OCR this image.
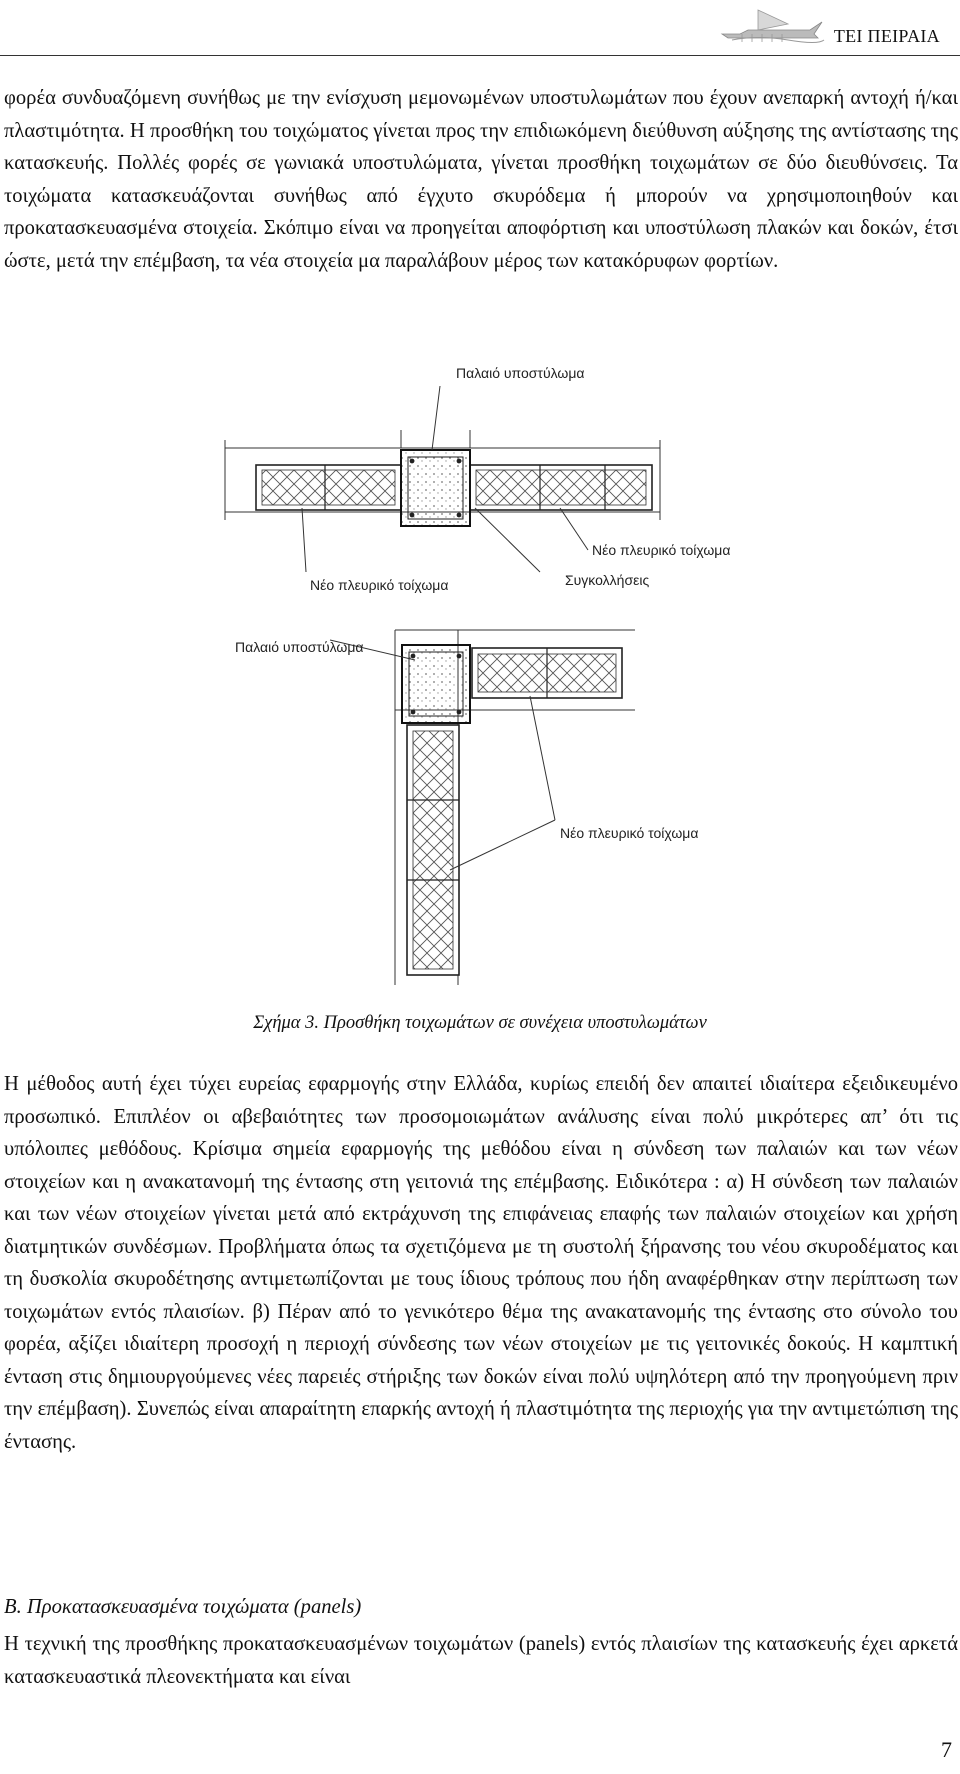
ΤΕΙ ΠΕΙΡΑΙΑ
φορέα συνδυαζόμενη συνήθως με την ενίσχυση μεμονωμένων υποστυλωμάτων που έχουν ανεπαρκή αντοχή ή/και πλαστιμότητα. Η προσθήκη του τοιχώματος γίνεται προς την επιδιωκόμενη διεύθυνση αύξησης της αντίστασης της κατασκευής. Πολλές φορές σε γωνιακά υποστυλώματα, γίνεται προσθήκη τοιχωμάτων σε δύο διευθύνσεις. Τα τοιχώματα κατασκευάζονται συνήθως από έγχυτο σκυρόδεμα ή μπορούν να χρησιμοποιηθούν και προκατασκευασμένα στοιχεία. Σκόπιμο είναι να προηγείται αποφόρτιση και υποστύλωση πλακών και δοκών, έτσι ώστε, μετά την επέμβαση, τα νέα στοιχεία μα παραλάβουν μέρος των κατακόρυφων φορτίων.
Παλαιό υποστύλωμα
Νέο πλευρικό τοίχωμα
Νέο πλευρικό τοίχωμα	Συγκολλήσεις
Παλαιό υποστύλωμα
Νέο πλευρικό τοίχωμα
Σχήμα 3. Προσθήκη τοιχωμάτων σε συνέχεια υποστυλωμάτων
Η μέθοδος αυτή έχει τύχει ευρείας εφαρμογής στην Ελλάδα, κυρίως επειδή δεν απαιτεί ιδιαίτερα εξειδικευμένο προσωπικό. Επιπλέον οι αβεβαιότητες των προσομοιωμάτων ανάλυσης είναι πολύ μικρότερες απ’ ότι τις υπόλοιπες μεθόδους. Κρίσιμα σημεία εφαρμογής της μεθόδου είναι η σύνδεση των παλαιών και των νέων στοιχείων και η ανακατανομή της έντασης στη γειτονιά της επέμβασης. Ειδικότερα : α) Η σύνδεση των παλαιών και των νέων στοιχείων γίνεται μετά από εκτράχυνση της επιφάνειας επαφής των παλαιών στοιχείων και χρήση διατμητικών συνδέσμων. Προβλήματα όπως τα σχετιζόμενα με τη συστολή ξήρανσης του νέου σκυροδέματος και τη δυσκολία σκυροδέτησης αντιμετωπίζονται με τους ίδιους τρόπους που ήδη αναφέρθηκαν στην περίπτωση των τοιχωμάτων εντός πλαισίων. β) Πέραν από το γενικότερο θέμα της ανακατανομής της έντασης στο σύνολο του φορέα, αξίζει ιδιαίτερη προσοχή η περιοχή σύνδεσης των νέων στοιχείων με τις γειτονικές δοκούς. Η καμπτική ένταση στις δημιουργούμενες νέες παρειές στήριξης των δοκών είναι πολύ υψηλότερη από την προηγούμενη πριν την επέμβαση). Συνεπώς είναι απαραίτητη επαρκής αντοχή ή πλαστιμότητα της περιοχής για την αντιμετώπιση της έντασης.
Β. Προκατασκευασμένα τοιχώματα (panels)
Η τεχνική της προσθήκης προκατασκευασμένων τοιχωμάτων (panels) εντός πλαισίων της κατασκευής έχει αρκετά κατασκευαστικά πλεονεκτήματα και είναι
7
